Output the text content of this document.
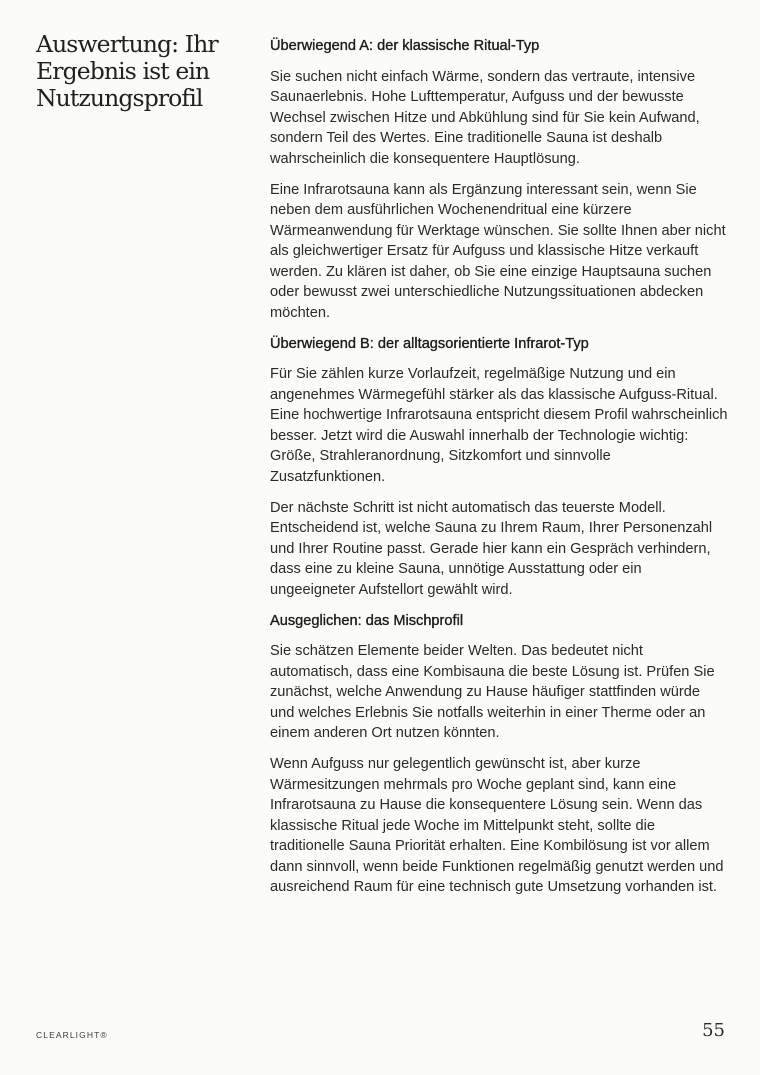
Auswertung: Ihr Ergebnis ist ein Nutzungsprofil
Überwiegend A: der klassische Ritual-Typ

Sie suchen nicht einfach Wärme, sondern das vertraute, intensive Saunaerlebnis. Hohe Lufttemperatur, Aufguss und der bewusste Wechsel zwischen Hitze und Abkühlung sind für Sie kein Aufwand, sondern Teil des Wertes. Eine traditionelle Sauna ist deshalb wahrscheinlich die konsequentere Hauptlösung.

Eine Infrarotsauna kann als Ergänzung interessant sein, wenn Sie neben dem ausführlichen Wochenendritual eine kürzere Wärmeanwendung für Werktage wünschen. Sie sollte Ihnen aber nicht als gleichwertiger Ersatz für Aufguss und klassische Hitze verkauft werden. Zu klären ist daher, ob Sie eine einzige Hauptsauna suchen oder bewusst zwei unterschiedliche Nutzungssituationen abdecken möchten.

Überwiegend B: der alltagsorientierte Infrarot-Typ

Für Sie zählen kurze Vorlaufzeit, regelmäßige Nutzung und ein angenehmes Wärmegefühl stärker als das klassische Aufguss-Ritual. Eine hochwertige Infrarotsauna entspricht diesem Profil wahrscheinlich besser. Jetzt wird die Auswahl innerhalb der Technologie wichtig: Größe, Strahleranordnung, Sitzkomfort und sinnvolle Zusatzfunktionen.

Der nächste Schritt ist nicht automatisch das teuerste Modell. Entscheidend ist, welche Sauna zu Ihrem Raum, Ihrer Personenzahl und Ihrer Routine passt. Gerade hier kann ein Gespräch verhindern, dass eine zu kleine Sauna, unnötige Ausstattung oder ein ungeeigneter Aufstellort gewählt wird.

Ausgeglichen: das Mischprofil

Sie schätzen Elemente beider Welten. Das bedeutet nicht automatisch, dass eine Kombisauna die beste Lösung ist. Prüfen Sie zunächst, welche Anwendung zu Hause häufiger stattfinden würde und welches Erlebnis Sie notfalls weiterhin in einer Therme oder an einem anderen Ort nutzen könnten.

Wenn Aufguss nur gelegentlich gewünscht ist, aber kurze Wärmesitzungen mehrmals pro Woche geplant sind, kann eine Infrarotsauna zu Hause die konsequentere Lösung sein. Wenn das klassische Ritual jede Woche im Mittelpunkt steht, sollte die traditionelle Sauna Priorität erhalten. Eine Kombilösung ist vor allem dann sinnvoll, wenn beide Funktionen regelmäßig genutzt werden und ausreichend Raum für eine technisch gute Umsetzung vorhanden ist.

CLEARLIGHT®	55
